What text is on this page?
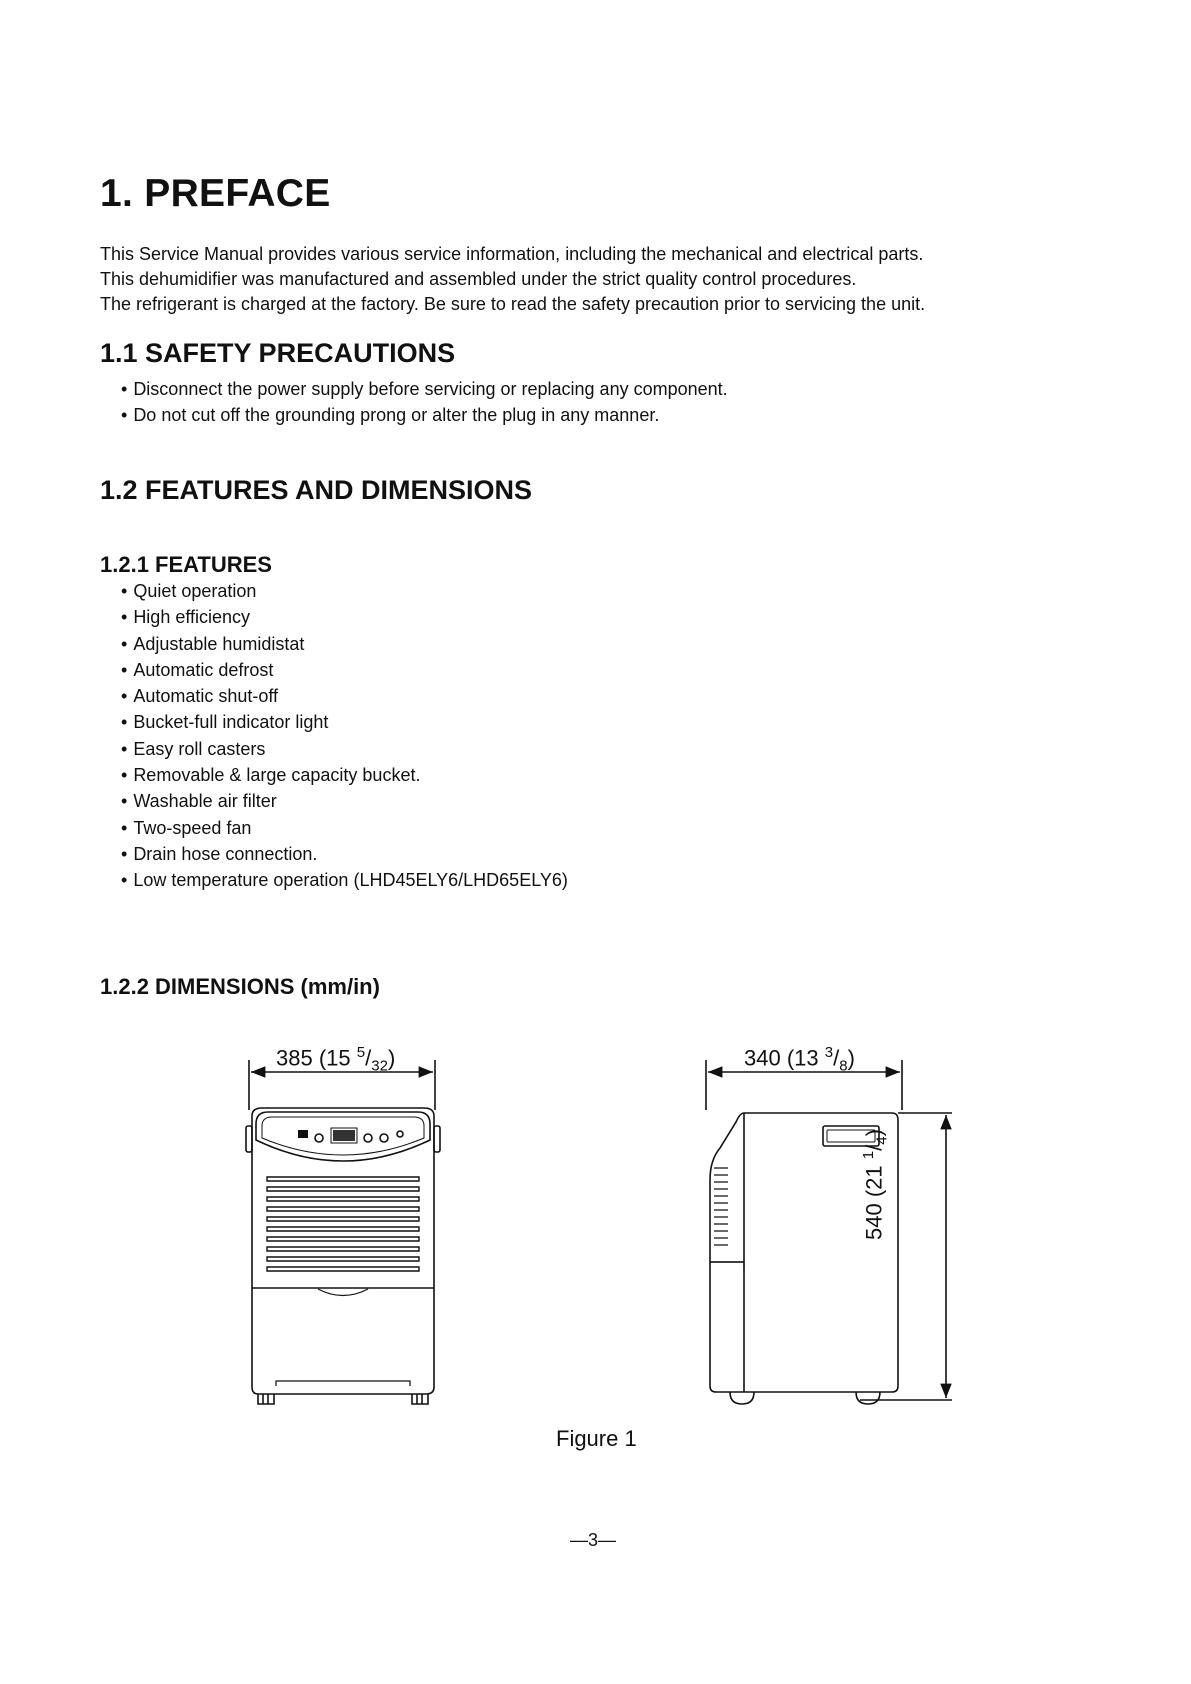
1. PREFACE

This Service Manual provides various service information, including the mechanical and electrical parts.

This dehumidifier was manufactured and assembled under the strict quality control procedures.

The refrigerant is charged at the factory. Be sure to read the safety precaution prior to servicing the unit.

1.1 SAFETY PRECAUTIONS
• Disconnect the power supply before servicing or replacing any component.
• Do not cut off the grounding prong or alter the plug in any manner.
1.2 FEATURES AND DIMENSIONS
1.2.1 FEATURES
• Quiet operation
• High efficiency
• Adjustable humidistat
• Automatic defrost
• Automatic shut-off
• Bucket-full indicator light
• Easy roll casters
• Removable & large capacity bucket.
• Washable air filter
• Two-speed fan
• Drain hose connection.
• Low temperature operation (LHD45ELY6/LHD65ELY6)
1.2.2 DIMENSIONS (mm/in)
385 (15 $^5/_{32}$)	340 (13 $^3/_8$)
540 (21 $^1/_4$)
Figure 1
—3—
